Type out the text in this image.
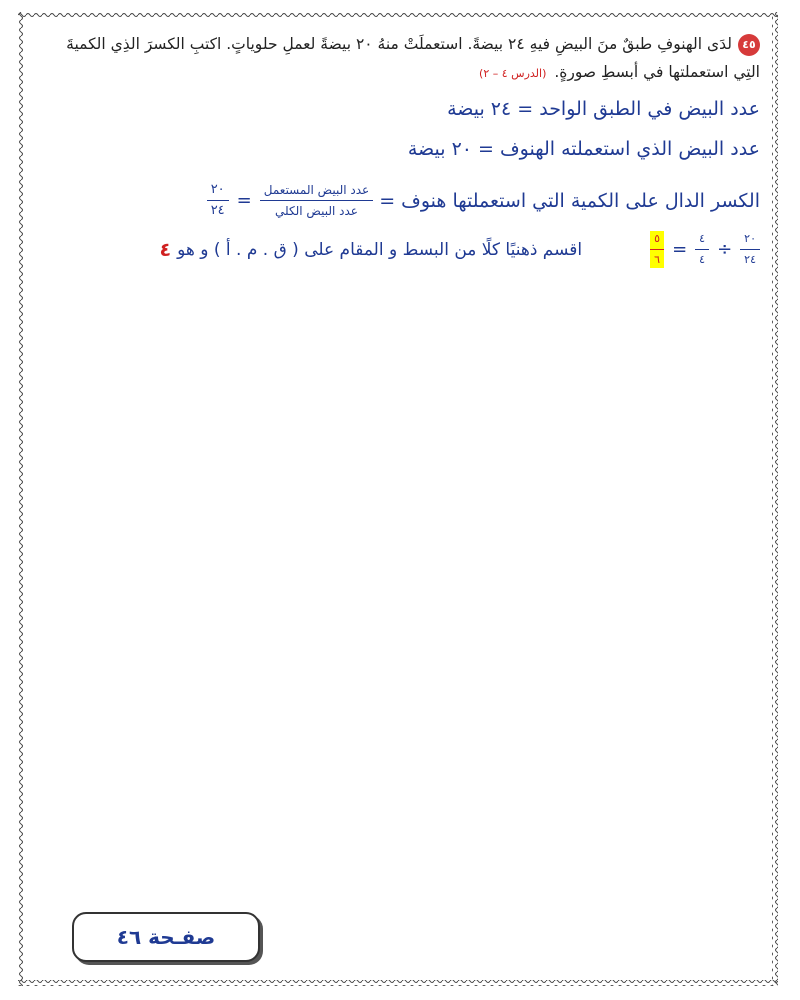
٤٥لدَى الهنوفِ طبقٌ منَ البيضِ فيهِ ٢٤ بيضةً. استعملَتْ منهُ ٢٠ بيضةً لعملِ حلوياتٍ. اكتبِ الكسرَ الذِي الكميةَ التِي استعملتها في أبسطِ صورةٍ.(الدرس ٤ – ٢)

عدد البيض في الطبق الواحد = ٢٤ بيضة

عدد البيض الذي استعملته الهنوف = ٢٠ بيضة

الكسر الدال على الكمية التي استعملتها هنوف =
$\frac{\text{عدد البيض المستعمل}}{\text{عدد البيض الكلي}}$
=
$\frac{٢٠}{٢٤}$
$\frac{٢٠}{٢٤}$
÷
$\frac{٤}{٤}$
=
$\frac{٥}{٦}$
اقسم ذهنيًا كلًا من البسط و المقام على ( ق . م . أ ) و هو
٤
صفـحة ٤٦
